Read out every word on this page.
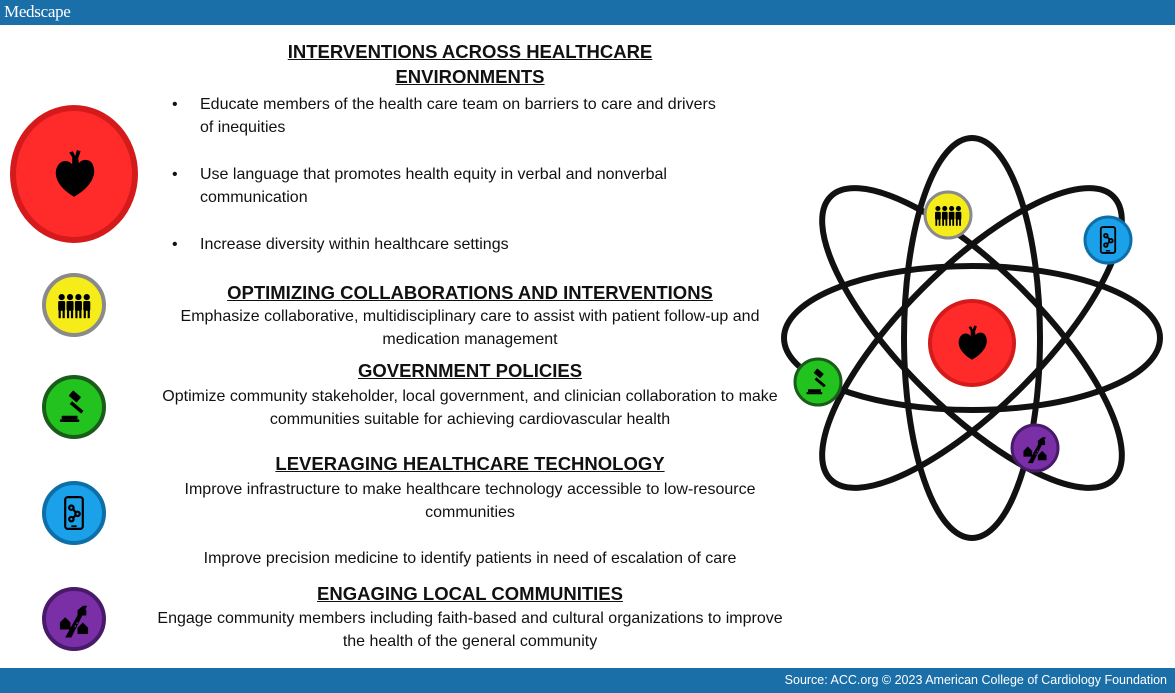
Medscape
INTERVENTIONS ACROSS HEALTHCARE
ENVIRONMENTS
• Educate members of the health care team on barriers to care and drivers of inequities
• Use language that promotes health equity in verbal and nonverbal communication
• Increase diversity within healthcare settings
OPTIMIZING COLLABORATIONS AND INTERVENTIONS
Emphasize collaborative, multidisciplinary care to assist with patient follow-up and medication management
GOVERNMENT POLICIES
Optimize community stakeholder, local government, and clinician collaboration to make communities suitable for achieving cardiovascular health
LEVERAGING HEALTHCARE TECHNOLOGY
Improve infrastructure to make healthcare technology accessible to low-resource communities
Improve precision medicine to identify patients in need of escalation of care
ENGAGING LOCAL COMMUNITIES
Engage community members including faith-based and cultural organizations to improve the health of the general community
Source: ACC.org © 2023 American College of Cardiology Foundation
